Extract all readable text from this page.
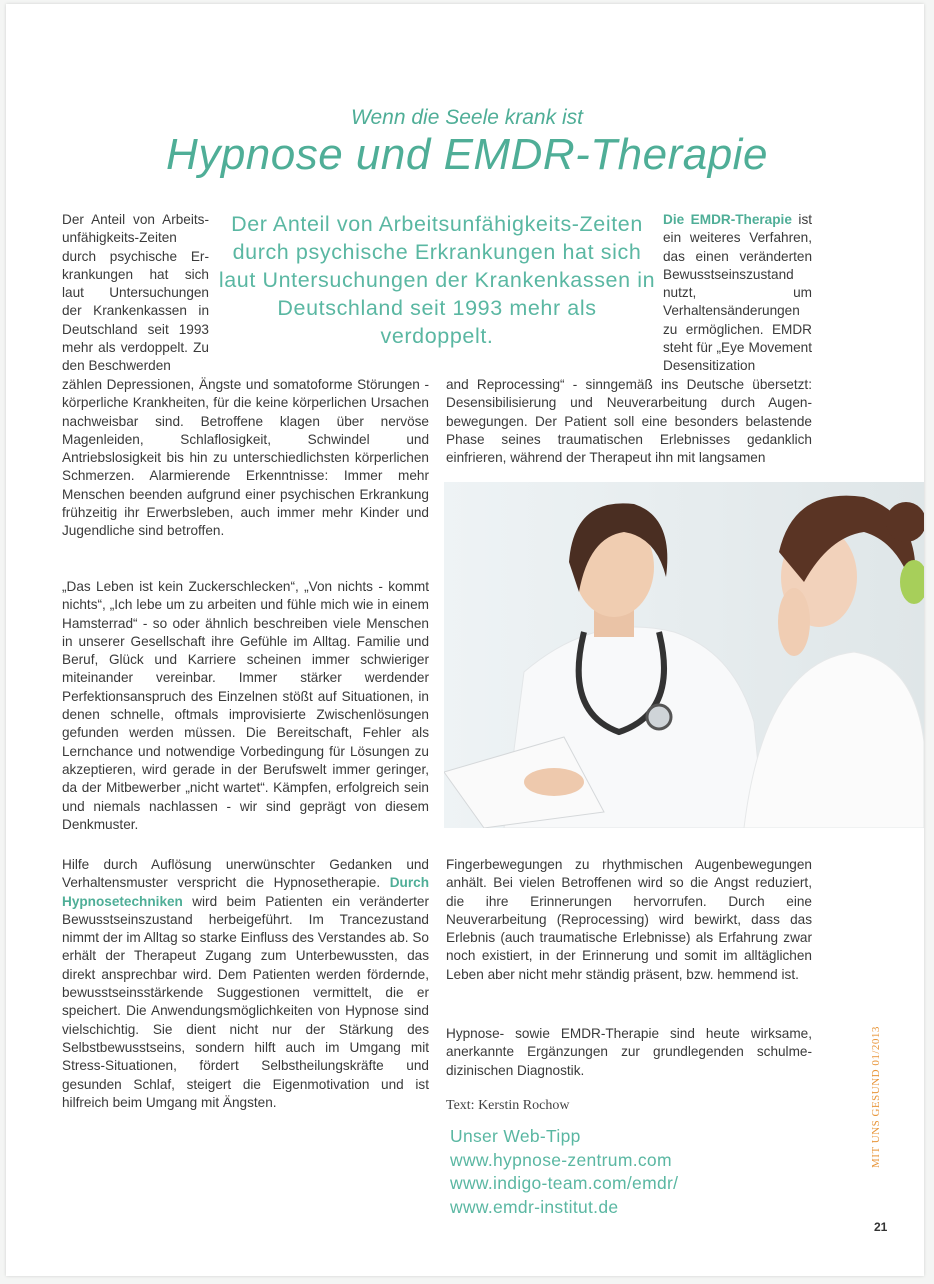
Wenn die Seele krank ist
Hypnose und EMDR-Therapie
Der Anteil von Arbeitsunfähigkeits-Zeiten durch psychische Erkrankungen hat sich laut Untersuchungen der Krankenkassen in Deutschland seit 1993 mehr als verdoppelt. Zu den Beschwerden
zählen Depressionen, Ängste und somatoforme Störungen - körperliche Krankheiten, für die keine körperlichen Ursachen nachweisbar sind. Betroffene klagen über nervöse Magenleiden, Schlaflosigkeit, Schwindel und Antriebslosigkeit bis hin zu unterschiedlichsten körperlichen Schmerzen. Alarmierende Erkenntnisse: Immer mehr Menschen beenden aufgrund einer psychischen Erkrankung frühzeitig ihr Erwerbsleben, auch immer mehr Kinder und Jugendliche sind betroffen.
Der Anteil von Arbeitsunfähigkeits-Zeiten durch psychische Erkrankungen hat sich laut Untersuchungen der Krankenkassen in Deutschland seit 1993 mehr als verdoppelt.
Die EMDR-Therapie ist ein weiteres Verfahren, das einen veränderten Bewusstseinszustand nutzt, um Verhaltensänderungen zu ermöglichen. EMDR steht für „Eye Movement Desensitization
and Reprocessing“ - sinngemäß ins Deutsche übersetzt: Desensibilisierung und Neuverarbeitung durch Augenbewegungen. Der Patient soll eine besonders belastende Phase seines traumatischen Erlebnisses gedanklich einfrieren, während der Therapeut ihn mit langsamen
„Das Leben ist kein Zuckerschlecken“, „Von nichts - kommt nichts“, „Ich lebe um zu arbeiten und fühle mich wie in einem Hamsterrad“ - so oder ähnlich beschreiben viele Menschen in unserer Gesellschaft ihre Gefühle im Alltag. Familie und Beruf, Glück und Karriere scheinen immer schwieriger miteinander vereinbar. Immer stärker werdender Perfektionsanspruch des Einzelnen stößt auf Situationen, in denen schnelle, oftmals improvisierte Zwischenlösungen gefunden werden müssen. Die Bereitschaft, Fehler als Lernchance und notwendige Vorbedingung für Lösungen zu akzeptieren, wird gerade in der Berufswelt immer geringer, da der Mitbewerber „nicht wartet“. Kämpfen, erfolgreich sein und niemals nachlassen - wir sind geprägt von diesem Denkmuster.
Hilfe durch Auflösung unerwünschter Gedanken und Verhaltensmuster verspricht die Hypnosetherapie. Durch Hypnosetechniken wird beim Patienten ein veränderter Bewusstseinszustand herbeigeführt. Im Trancezustand nimmt der im Alltag so starke Einfluss des Verstandes ab. So erhält der Therapeut Zugang zum Unterbewussten, das direkt ansprechbar wird. Dem Patienten werden fördernde, bewusstseinsstärkende Suggestionen vermittelt, die er speichert. Die Anwendungsmöglichkeiten von Hypnose sind vielschichtig. Sie dient nicht nur der Stärkung des Selbstbewusstseins, sondern hilft auch im Umgang mit Stress-Situationen, fördert Selbstheilungskräfte und gesunden Schlaf, steigert die Eigenmotivation und ist hilfreich beim Umgang mit Ängsten.
Fingerbewegungen zu rhythmischen Augenbewegungen anhält. Bei vielen Betroffenen wird so die Angst reduziert, die ihre Erinnerungen hervorrufen. Durch eine Neuverarbeitung (Reprocessing) wird bewirkt, dass das Erlebnis (auch traumatische Erlebnisse) als Erfahrung zwar noch existiert, in der Erinnerung und somit im alltäglichen Leben aber nicht mehr ständig präsent, bzw. hemmend ist.
Hypnose- sowie EMDR-Therapie sind heute wirksame, anerkannte Ergänzungen zur grundlegenden schulmedizinischen Diagnostik.
Text: Kerstin Rochow
Unser Web-Tipp
www.hypnose-zentrum.com
www.indigo-team.com/emdr/
www.emdr-institut.de
MIT UNS GESUND 01/2013
21
